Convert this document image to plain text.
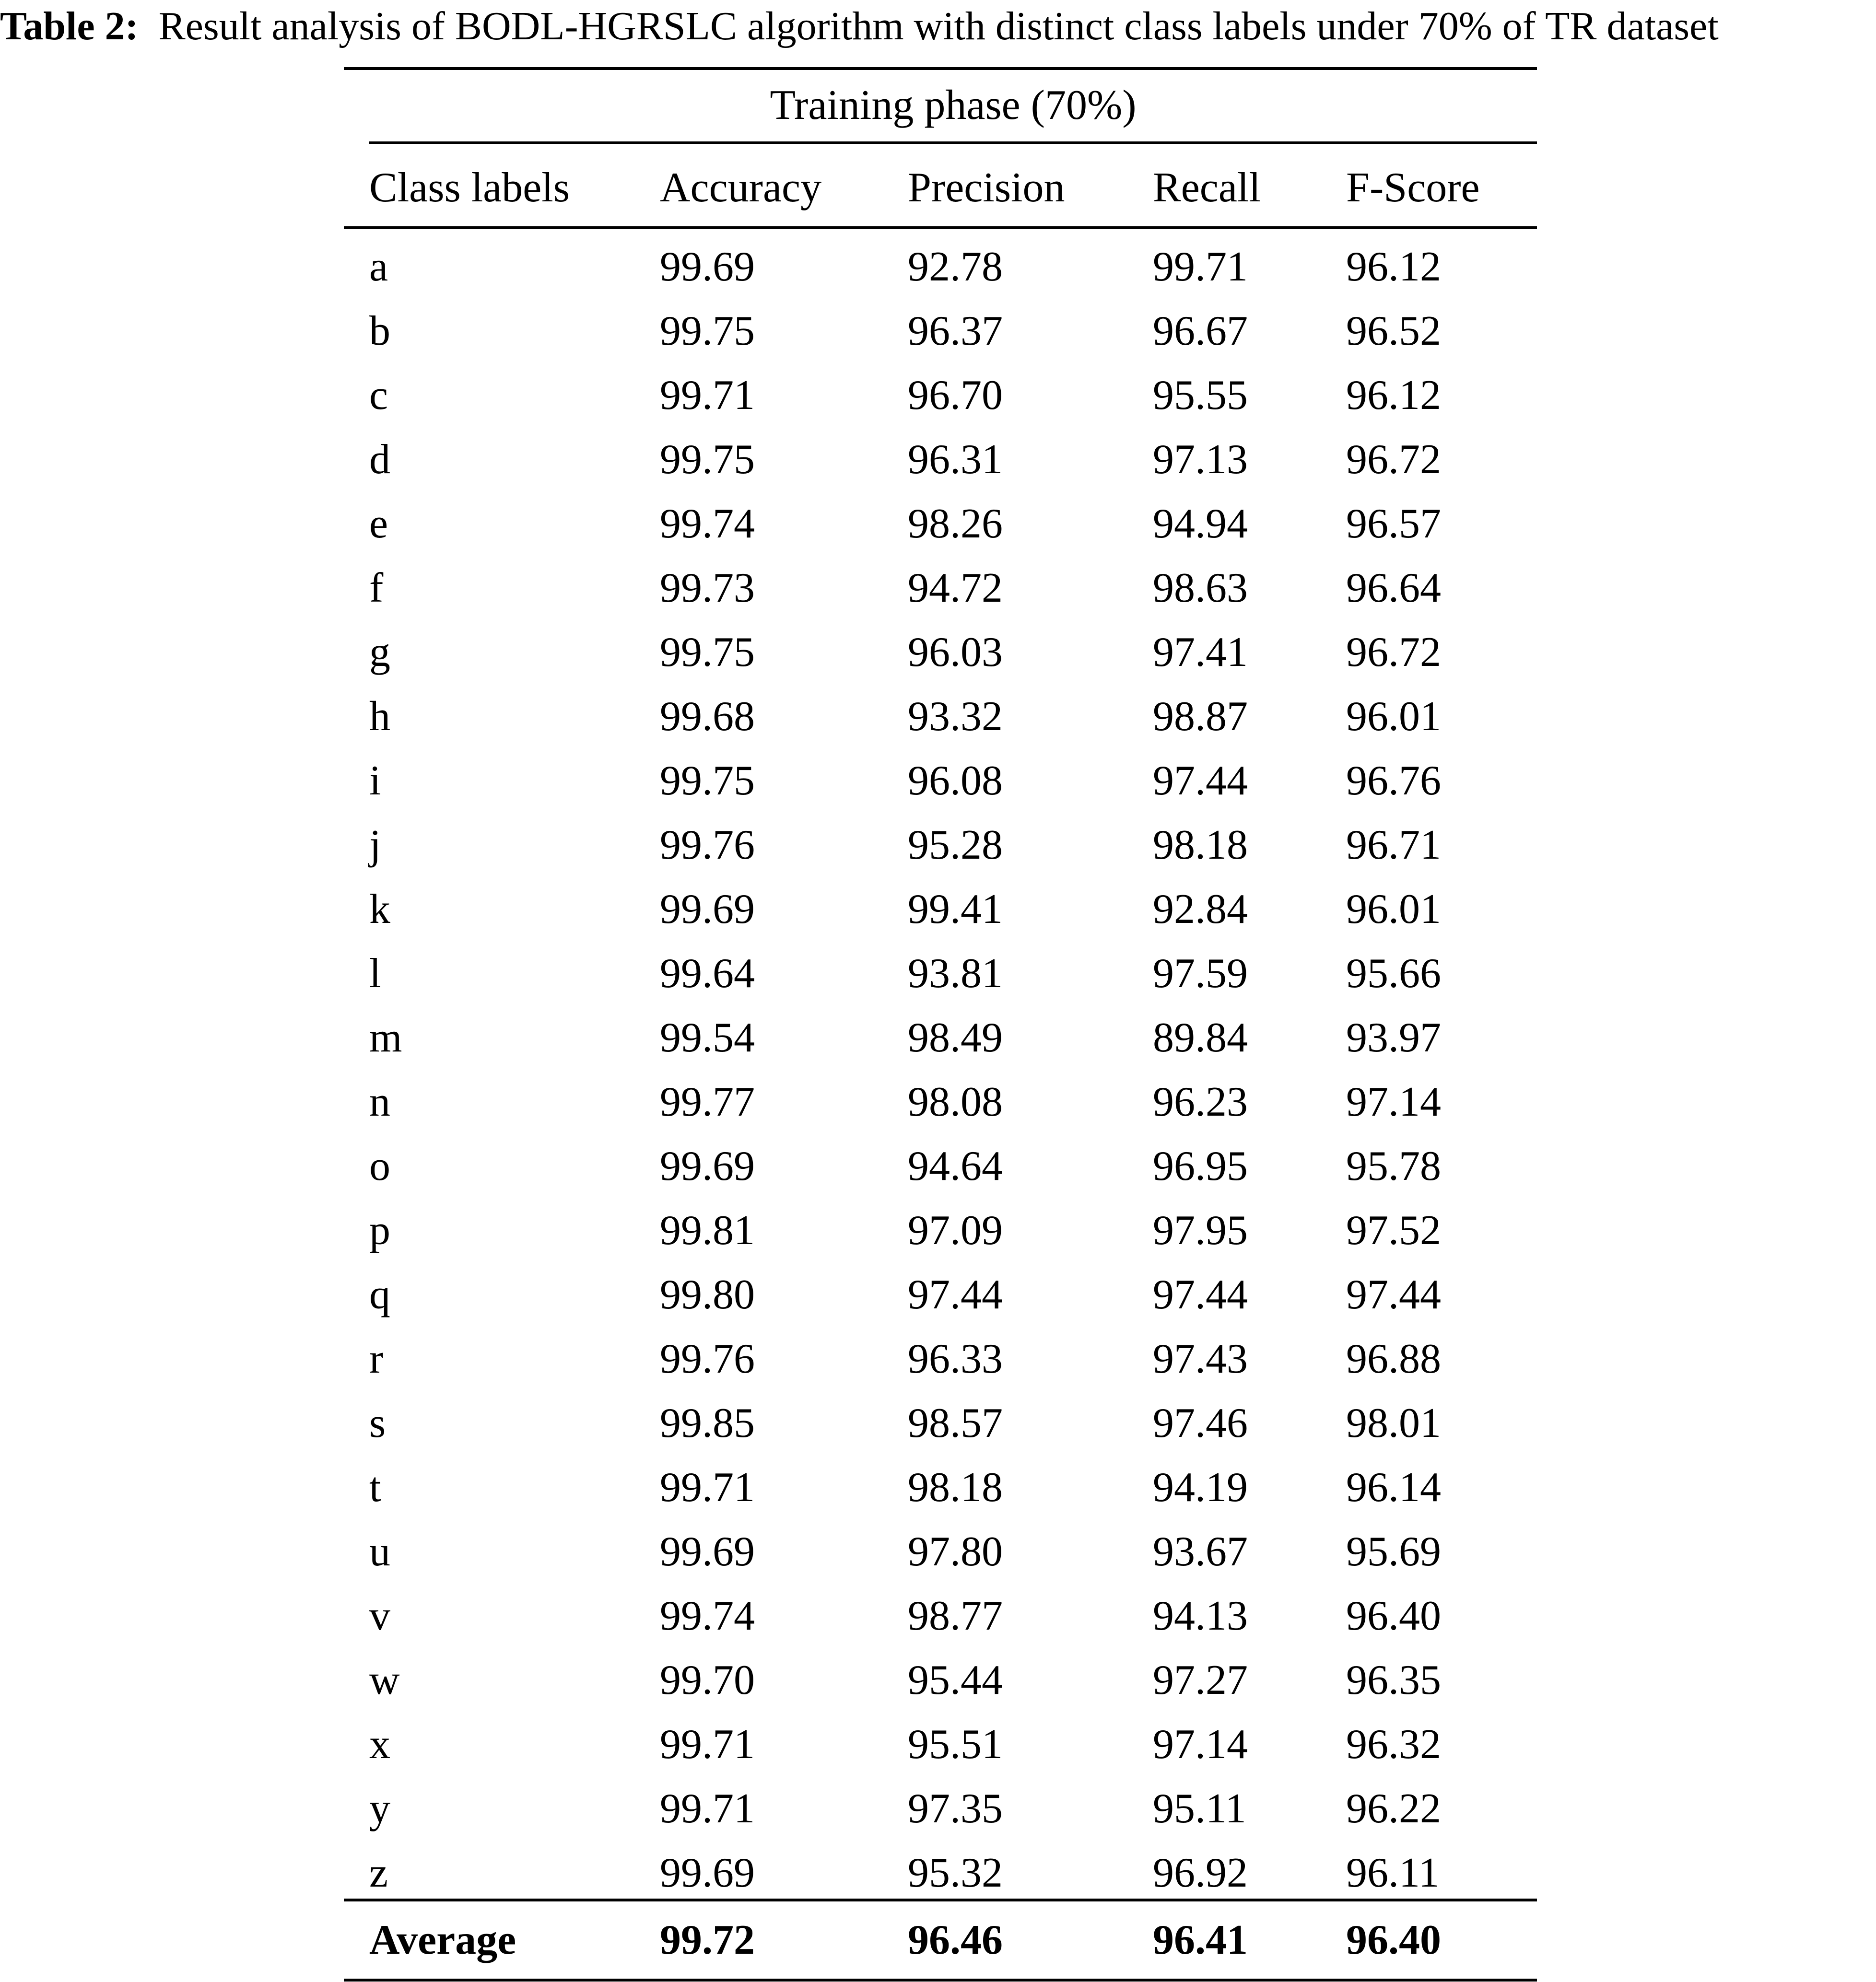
Table 2: Result analysis of BODL-HGRSLC algorithm with distinct class labels under 70% of TR dataset
Training phase (70%)
Class labels Accuracy Precision Recall F-Score
a	99.69	92.78	99.71 96.12
b	99.75	96.37	96.67 96.52
c	99.71	96.70	95.55 96.12
d	99.75	96.31	97.13 96.72
e	99.74	98.26	94.94 96.57
f	99.73	94.72	98.63 96.64
g	99.75	96.03	97.41 96.72
h	99.68	93.32	98.87 96.01
i	99.75	96.08	97.44 96.76
j	99.76	95.28	98.18 96.71
k	99.69	99.41	92.84 96.01
l	99.64	93.81	97.59 95.66
m	99.54	98.49	89.84 93.97
n	99.77	98.08	96.23 97.14
o	99.69	94.64	96.95 95.78
p	99.81	97.09	97.95 97.52
q	99.80	97.44	97.44 97.44
r	99.76	96.33	97.43 96.88
s	99.85	98.57	97.46 98.01
t	99.71	98.18	94.19 96.14
u	99.69	97.80	93.67 95.69
v	99.74	98.77	94.13 96.40
w	99.70	95.44	97.27 96.35
x	99.71	95.51	97.14 96.32
y	99.71	97.35	95.11 96.22
z	99.69	95.32	96.92 96.11
Average	99.72	96.46	96.41 96.40
